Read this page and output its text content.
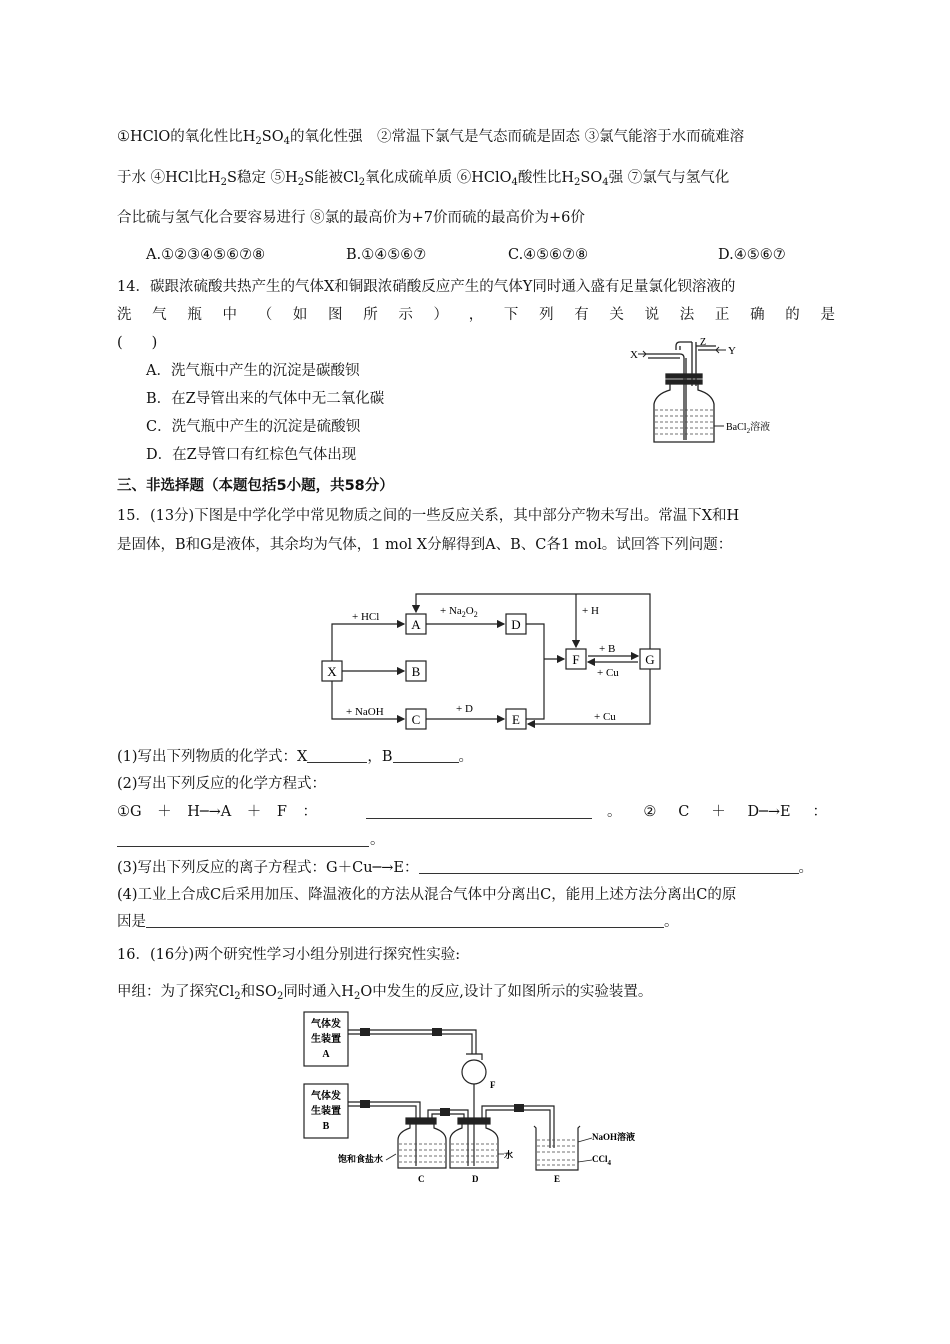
①HClO的氧化性比$H_2SO_4$的氧化性强　 ②常温下氯气是气态而硫是固态 ③氯气能溶于水而硫难溶
于水 ④HCl比$H_2S$稳定 $⑤H_2S$能被$Cl_2$氧化成硫单质 ⑥HClO$_4$酸性比$H_2SO_4$强 ⑦氯气与氢气化
合比硫与氢气化合要容易进行 ⑧氯的最高价为+7价而硫的最高价为+6价
A.①②③④⑤⑥⑦⑧	B.①④⑤⑥⑦	C.④⑤⑥⑦⑧	D.④⑤⑥⑦
14．碳跟浓硫酸共热产生的气体X和铜跟浓硝酸反应产生的气体Y同时通入盛有足量氯化钡溶液的
洗 气 瓶 中 （ 如 图 所 示 ） ， 下 列 有 关 说 法 正 确 的 是
(　　)
A．洗气瓶中产生的沉淀是碳酸钡
B．在Z导管出来的气体中无二氧化碳
C．洗气瓶中产生的沉淀是硫酸钡
D．在Z导管口有红棕色气体出现
X
Z
Y
BaCl$_2$溶液
三、非选择题（本题包括5小题，共58分）
15．(13分)下图是中学化学中常见物质之间的一些反应关系，其中部分产物未写出。常温下X和H
是固体，B和G是液体，其余均为气体，1 mol X分解得到A、B、C各1 mol。试回答下列问题：
X
A
B
C
D
E
F	G
+ HCl	+ $Na_2O_2$	+ H
+ B
+ Cu
+ NaOH	+ D
+ Cu
(1)写出下列物质的化学式：X	，B	。
(2)写出下列反应的化学方程式：
①G ＋ H─→A ＋ F ：	。 ② C ＋ D─→E ：
。
(3)写出下列反应的离子方程式：G＋Cu─→E：	。
(4)工业上合成C后采用加压、降温液化的方法从混合气体中分离出C，能用上述方法分离出C的原
因是	。
16．(16分)两个研究性学习小组分别进行探究性实验:
甲组：为了探究$Cl_2$和$SO_2$同时通入$H_2O$中发生的反应,设计了如图所示的实验装置。
气体发
生装置
A
气体发
生装置
B
F
C	D	E
饱和食盐水	水
NaOH溶液
CCl$_4$
